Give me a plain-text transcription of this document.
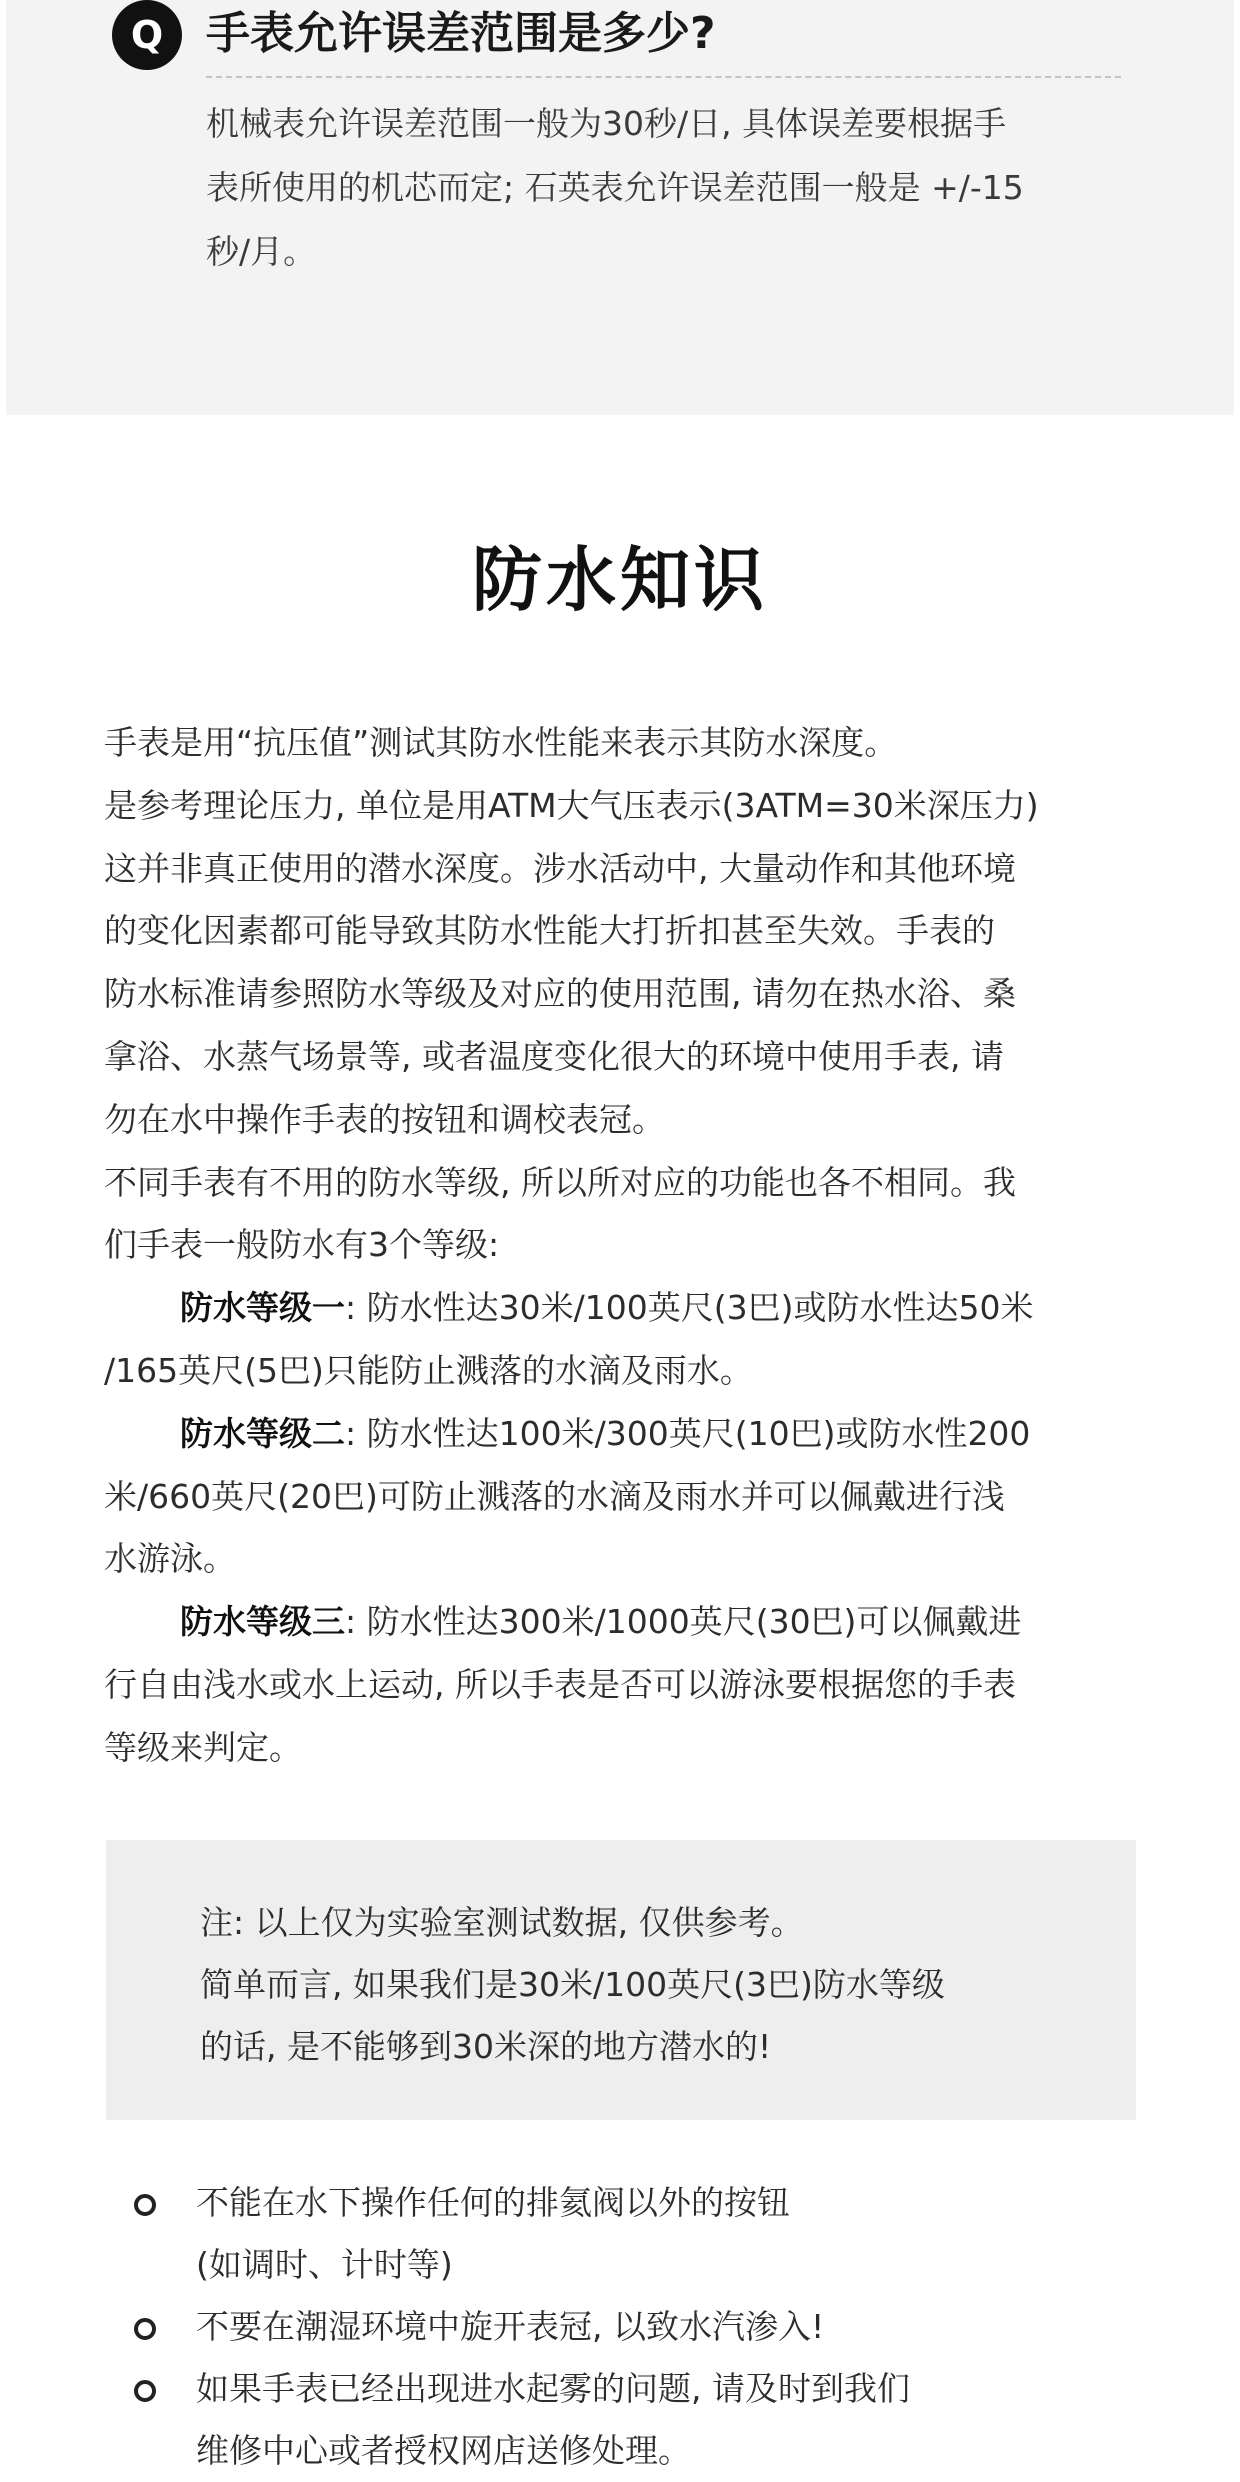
Q 手表允许误差范围是多少?
机械表允许误差范围一般为30秒/日, 具体误差要根据手
表所使用的机芯而定; 石英表允许误差范围一般是 +/-15
秒/月。
防水知识
手表是用“抗压值”测试其防水性能来表示其防水深度。
是参考理论压力, 单位是用ATM大气压表示(3ATM=30米深压力)
这并非真正使用的潜水深度。涉水活动中, 大量动作和其他环境
的变化因素都可能导致其防水性能大打折扣甚至失效。手表的
防水标准请参照防水等级及对应的使用范围, 请勿在热水浴、桑
拿浴、水蒸气场景等, 或者温度变化很大的环境中使用手表, 请
勿在水中操作手表的按钮和调校表冠。
不同手表有不用的防水等级, 所以所对应的功能也各不相同。我
们手表一般防水有3个等级:
防水等级一: 防水性达30米/100英尺(3巴)或防水性达50米
/165英尺(5巴)只能防止溅落的水滴及雨水。
防水等级二: 防水性达100米/300英尺(10巴)或防水性200
米/660英尺(20巴)可防止溅落的水滴及雨水并可以佩戴进行浅
水游泳。
防水等级三: 防水性达300米/1000英尺(30巴)可以佩戴进
行自由浅水或水上运动, 所以手表是否可以游泳要根据您的手表
等级来判定。
注: 以上仅为实验室测试数据, 仅供参考。
简单而言, 如果我们是30米/100英尺(3巴)防水等级
的话, 是不能够到30米深的地方潜水的!
不能在水下操作任何的排氦阀以外的按钮
(如调时、计时等)
不要在潮湿环境中旋开表冠, 以致水汽渗入!
如果手表已经出现进水起雾的问题, 请及时到我们
维修中心或者授权网店送修处理。
